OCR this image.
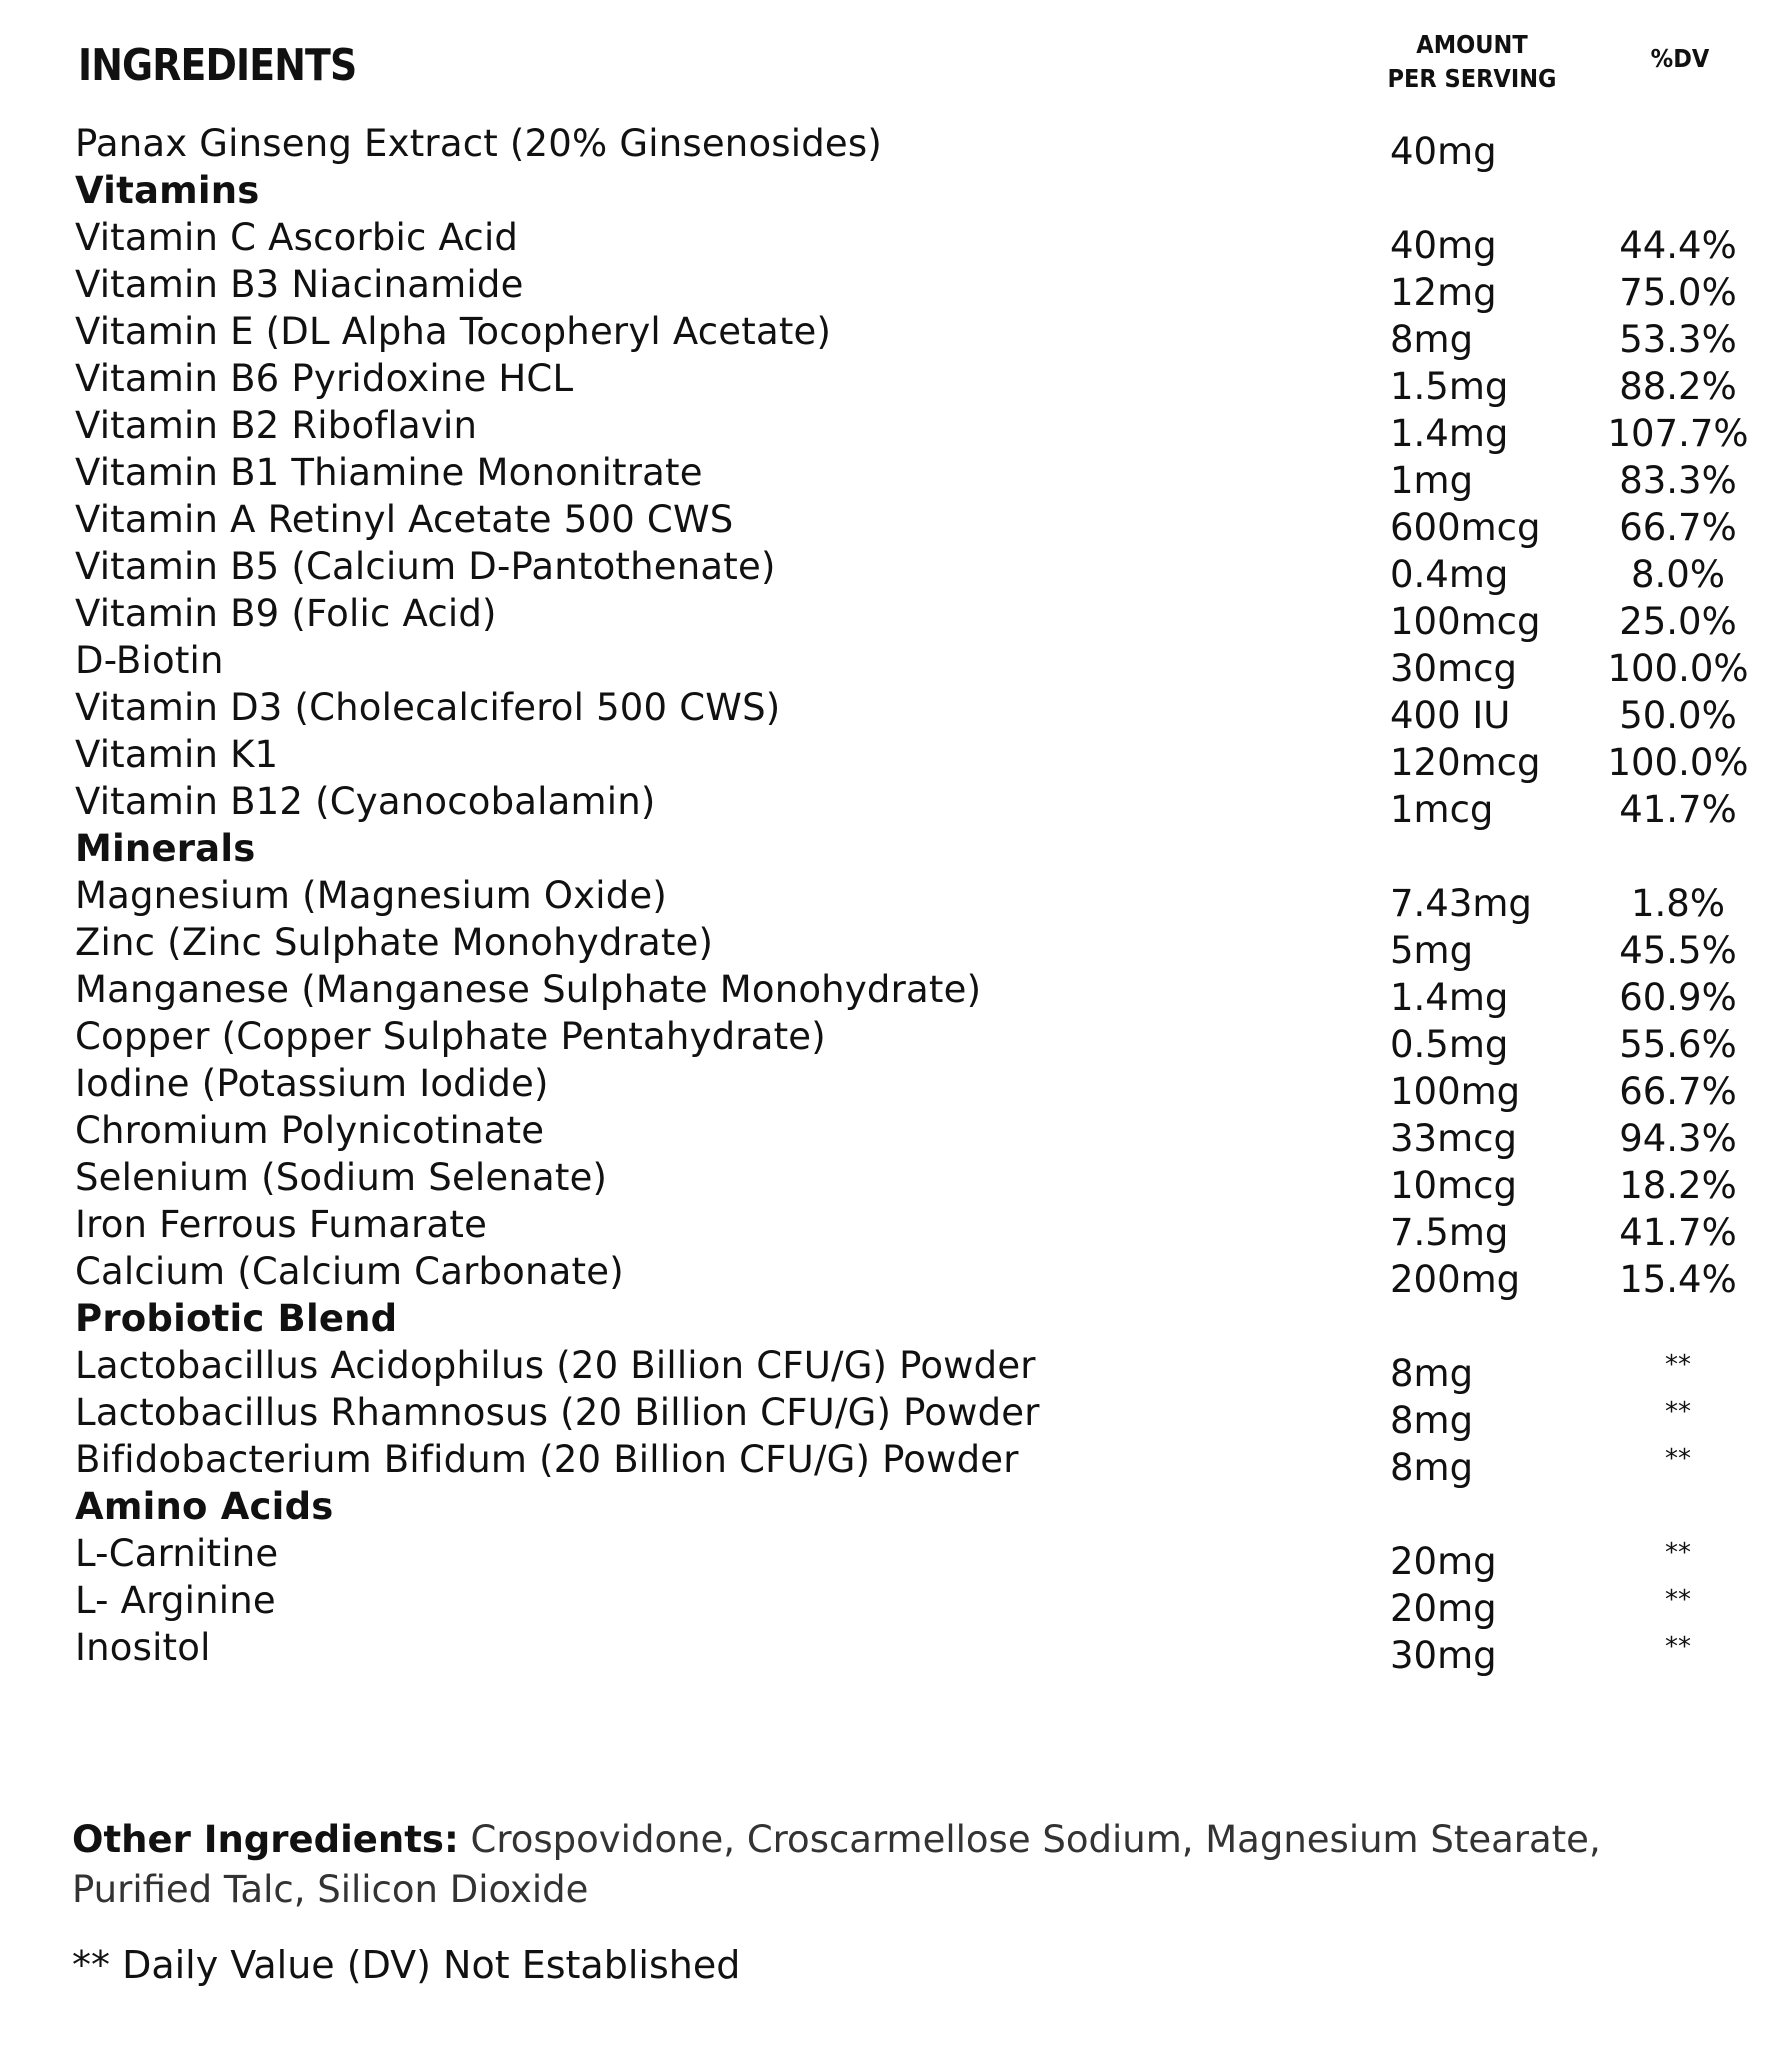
INGREDIENTS	AMOUNT
PER SERVING
%DV
Panax Ginseng Extract (20% Ginsenosides)	40mg
Vitamins
Vitamin C Ascorbic Acid	40mg	44.4%
Vitamin B3 Niacinamide	12mg	75.0%
Vitamin E (DL Alpha Tocopheryl Acetate)	8mg	53.3%
Vitamin B6 Pyridoxine HCL	1.5mg	88.2%
Vitamin B2 Riboflavin	1.4mg	107.7%
Vitamin B1 Thiamine Mononitrate	1mg	83.3%
Vitamin A Retinyl Acetate 500 CWS	600mcg	66.7%
Vitamin B5 (Calcium D-Pantothenate)	0.4mg	8.0%
Vitamin B9 (Folic Acid)	100mcg	25.0%
D-Biotin	30mcg 100.0%
Vitamin D3 (Cholecalciferol 500 CWS)	400 IU	50.0%
Vitamin K1	120mcg 100.0%
Vitamin B12 (Cyanocobalamin)	1mcg	41.7%
Minerals
Magnesium (Magnesium Oxide)	7.43mg	1.8%
Zinc (Zinc Sulphate Monohydrate)	5mg	45.5%
Manganese (Manganese Sulphate Monohydrate)	1.4mg	60.9%
Copper (Copper Sulphate Pentahydrate)	0.5mg	55.6%
Iodine (Potassium Iodide)	100mg	66.7%
Chromium Polynicotinate	33mcg	94.3%
Selenium (Sodium Selenate)	10mcg	18.2%
Iron Ferrous Fumarate	7.5mg	41.7%
Calcium (Calcium Carbonate)	200mg	15.4%
Probiotic Blend
Lactobacillus Acidophilus (20 Billion CFU/G) Powder	8mg	**
Lactobacillus Rhamnosus (20 Billion CFU/G) Powder	8mg	**
Bifidobacterium Bifidum (20 Billion CFU/G) Powder	8mg	**
Amino Acids
L-Carnitine	20mg	**
L- Arginine	20mg	**
Inositol	30mg	**
Other Ingredients: Crospovidone, Croscarmellose Sodium, Magnesium Stearate, Purified Talc, Silicon Dioxide
** Daily Value (DV) Not Established
